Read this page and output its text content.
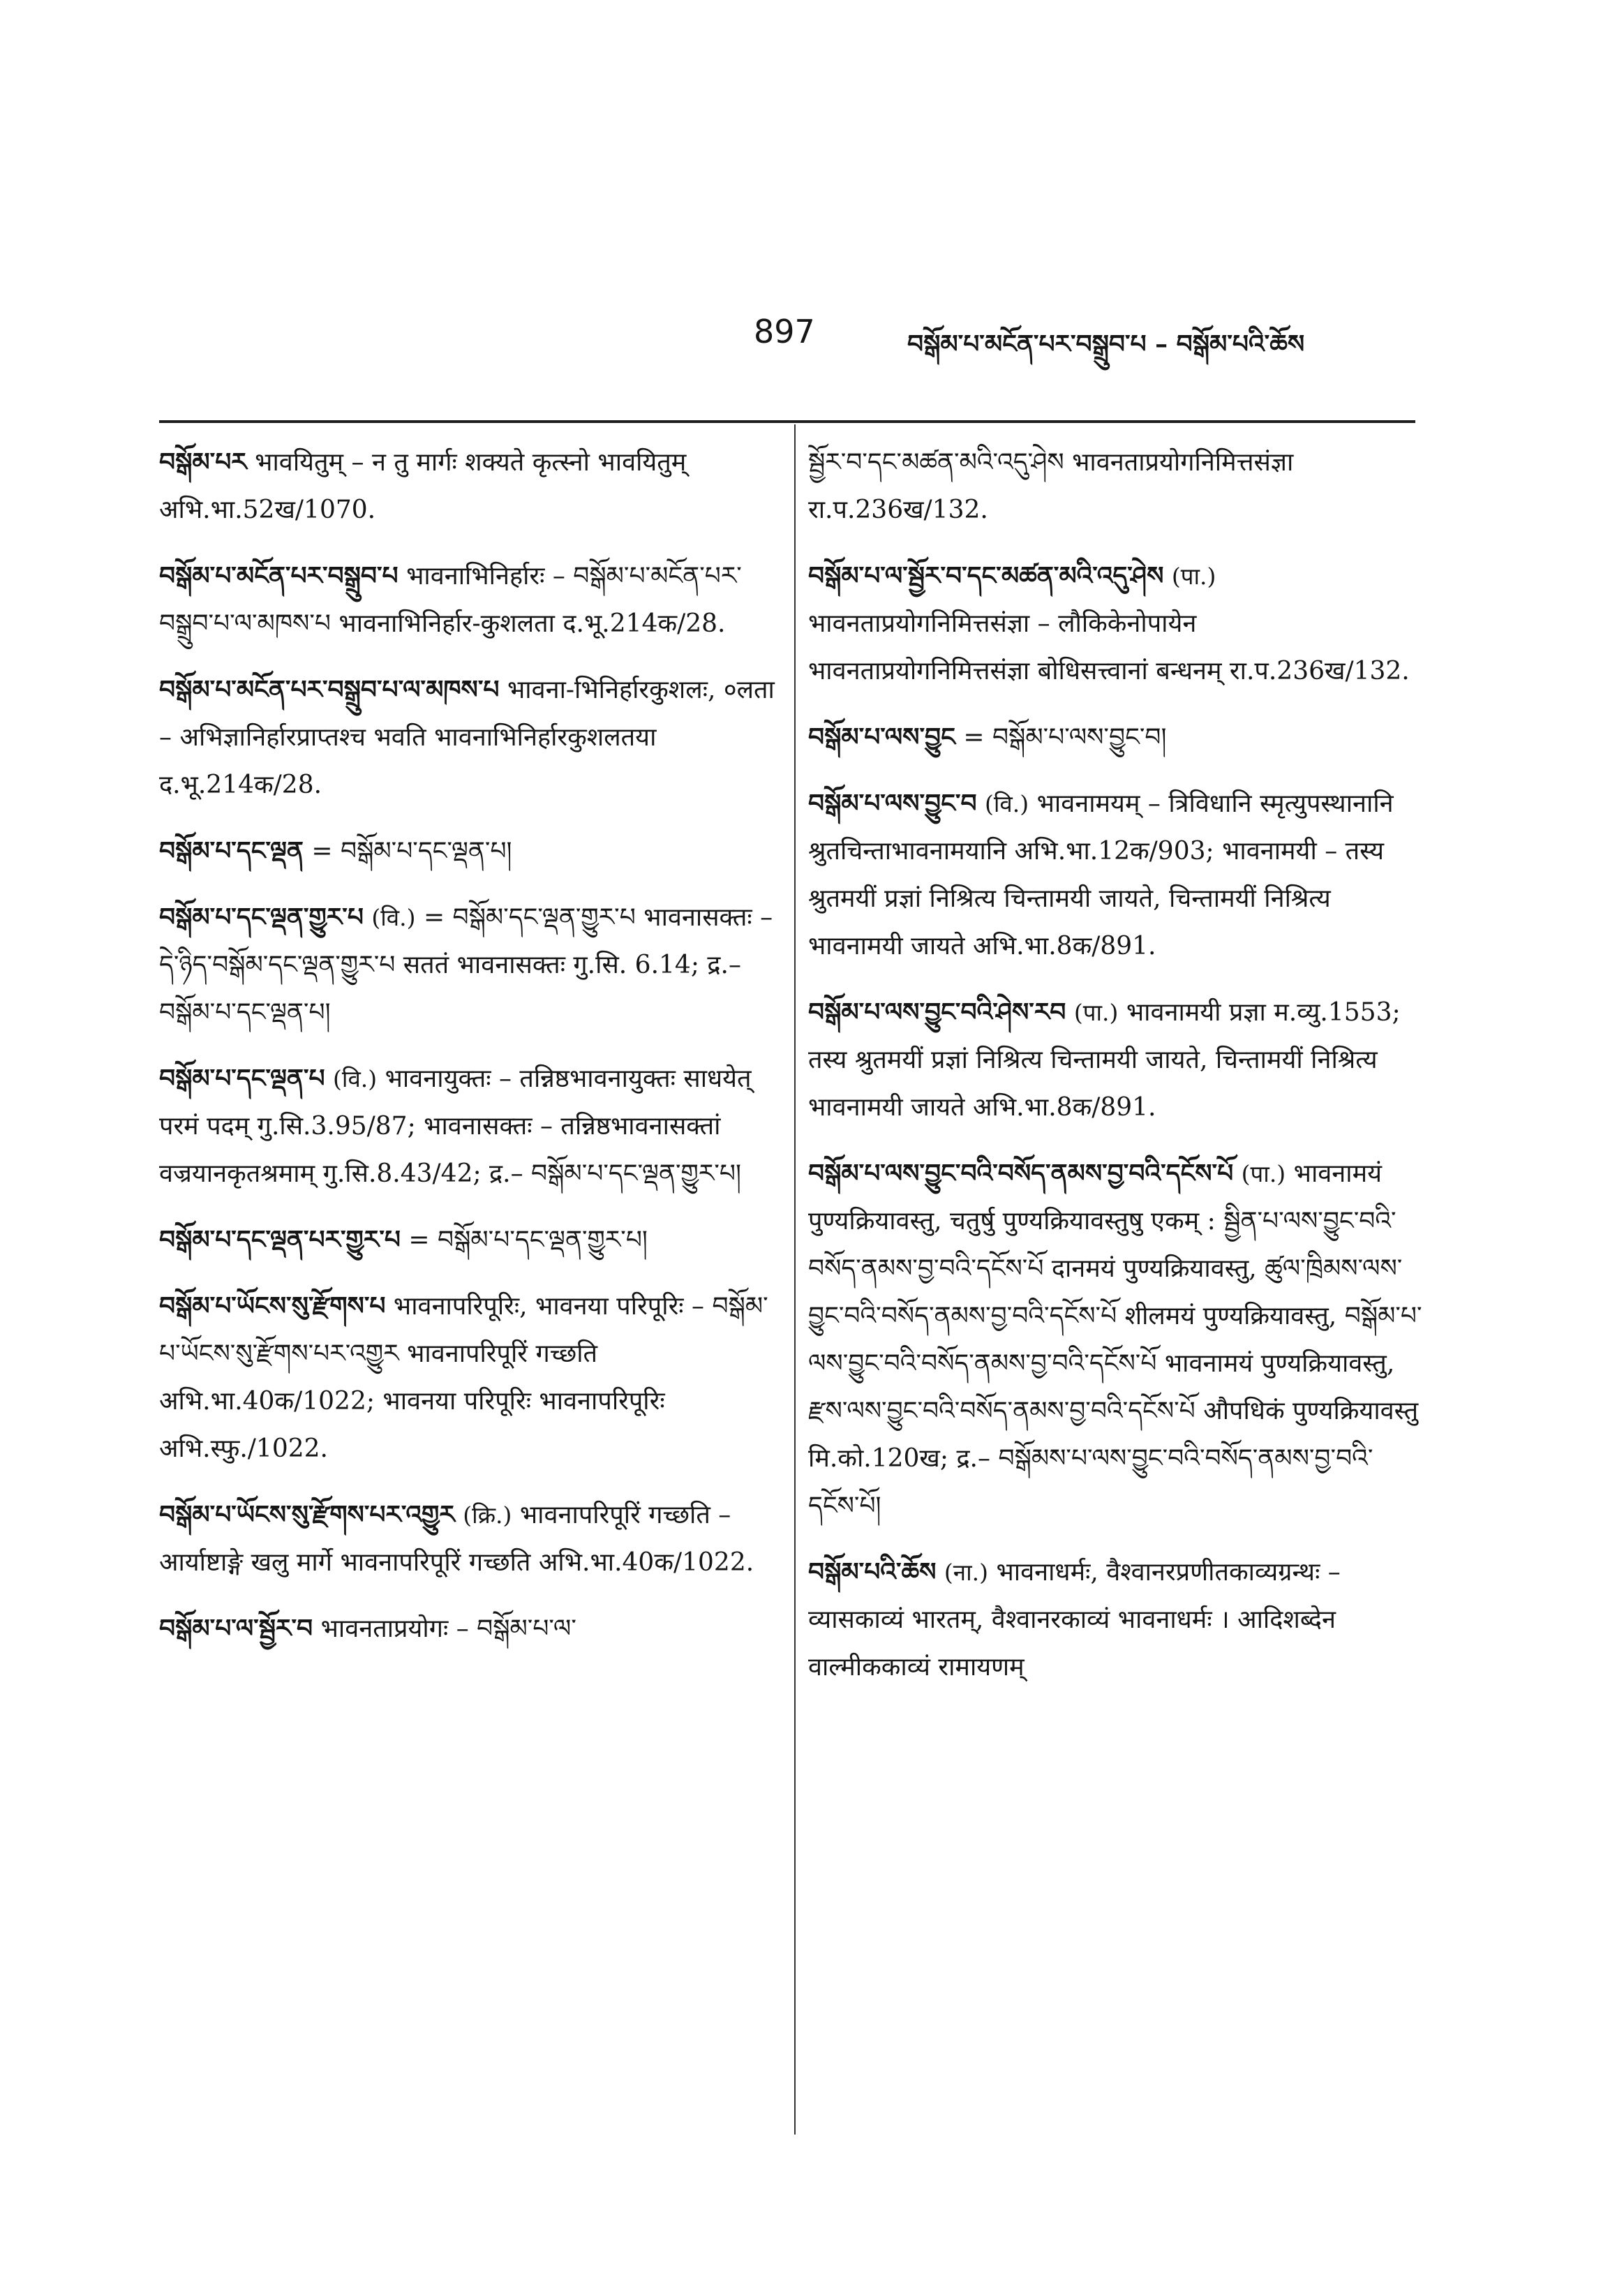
897	བསྒོམ་པ་མངོན་པར་བསྒྲུབ་པ – བསྒོམ་པའི་ཆོས
བསྒོམ་པར भावयितुम् – न तु मार्गः शक्यते कृत्स्नो भावयितुम् अभि.भा.52ख/1070.
བསྒོམ་པ་མངོན་པར་བསྒྲུབ་པ भावनाभिनिर्हारः – བསྒོམ་པ་མངོན་པར་བསྒྲུབ་པ་ལ་མཁས་པ भावनाभिनिर्हार-कुशलता द.भू.214क/28.
བསྒོམ་པ་མངོན་པར་བསྒྲུབ་པ་ལ་མཁས་པ भावना-भिनिर्हारकुशलः, ०लता – अभिज्ञानिर्हारप्राप्तश्च भवति भावनाभिनिर्हारकुशलतया द.भू.214क/28.
བསྒོམ་པ་དང་ལྡན = བསྒོམ་པ་དང་ལྡན་པ།
བསྒོམ་པ་དང་ལྡན་གྱུར་པ (वि.) = བསྒོམ་དང་ལྡན་གྱུར་པ भावनासक्तः – དེ་ཉིད་བསྒོམ་དང་ལྡན་གྱུར་པ सततं भावनासक्तः गु.सि. 6.14; द्र.– བསྒོམ་པ་དང་ལྡན་པ།
བསྒོམ་པ་དང་ལྡན་པ (वि.) भावनायुक्तः – तन्निष्ठभावनायुक्तः साधयेत् परमं पदम् गु.सि.3.95/87; भावनासक्तः – तन्निष्ठभावनासक्तां वज्रयानकृतश्रमाम् गु.सि.8.43/42; द्र.– བསྒོམ་པ་དང་ལྡན་གྱུར་པ།
བསྒོམ་པ་དང་ལྡན་པར་གྱུར་པ = བསྒོམ་པ་དང་ལྡན་གྱུར་པ།
བསྒོམ་པ་ཡོངས་སུ་རྫོགས་པ भावनापरिपूरिः, भावनया परिपूरिः – བསྒོམ་པ་ཡོངས་སུ་རྫོགས་པར་འགྱུར भावनापरिपूरिं गच्छति अभि.भा.40क/1022; भावनया परिपूरिः भावनापरिपूरिः अभि.स्फु./1022.
བསྒོམ་པ་ཡོངས་སུ་རྫོགས་པར་འགྱུར (क्रि.) भावनापरिपूरिं गच्छति – आर्याष्टाङ्गे खलु मार्गे भावनापरिपूरिं गच्छति अभि.भा.40क/1022.
བསྒོམ་པ་ལ་སྦྱོར་བ भावनताप्रयोगः – བསྒོམ་པ་ལ་
སྦྱོར་བ་དང་མཚན་མའི་འདུ་ཤེས भावनताप्रयोगनिमित्तसंज्ञा रा.प.236ख/132.
བསྒོམ་པ་ལ་སྦྱོར་བ་དང་མཚན་མའི་འདུ་ཤེས (पा.) भावनताप्रयोगनिमित्तसंज्ञा – लौकिकेनोपायेन भावनताप्रयोगनिमित्तसंज्ञा बोधिसत्त्वानां बन्धनम् रा.प.236ख/132.
བསྒོམ་པ་ལས་བྱུང = བསྒོམ་པ་ལས་བྱུང་བ།
བསྒོམ་པ་ལས་བྱུང་བ (वि.) भावनामयम् – त्रिविधानि स्मृत्युपस्थानानि श्रुतचिन्ताभावनामयानि अभि.भा.12क/903; भावनामयी – तस्य श्रुतमयीं प्रज्ञां निश्रित्य चिन्तामयी जायते, चिन्तामयीं निश्रित्य भावनामयी जायते अभि.भा.8क/891.
བསྒོམ་པ་ལས་བྱུང་བའི་ཤེས་རབ (पा.) भावनामयी प्रज्ञा म.व्यु.1553; तस्य श्रुतमयीं प्रज्ञां निश्रित्य चिन्तामयी जायते, चिन्तामयीं निश्रित्य भावनामयी जायते अभि.भा.8क/891.
བསྒོམ་པ་ལས་བྱུང་བའི་བསོད་ནམས་བྱ་བའི་དངོས་པོ (पा.) भावनामयं पुण्यक्रियावस्तु, चतुर्षु पुण्यक्रियावस्तुषु एकम् : སྦྱིན་པ་ལས་བྱུང་བའི་བསོད་ནམས་བྱ་བའི་དངོས་པོ दानमयं पुण्यक्रियावस्तु, ཚུལ་ཁྲིམས་ལས་བྱུང་བའི་བསོད་ནམས་བྱ་བའི་དངོས་པོ शीलमयं पुण्यक्रियावस्तु, བསྒོམ་པ་ལས་བྱུང་བའི་བསོད་ནམས་བྱ་བའི་དངོས་པོ भावनामयं पुण्यक्रियावस्तु, རྫས་ལས་བྱུང་བའི་བསོད་ནམས་བྱ་བའི་དངོས་པོ औपधिकं पुण्यक्रियावस्तु मि.को.120ख; द्र.– བསྒོམས་པ་ལས་བྱུང་བའི་བསོད་ནམས་བྱ་བའི་དངོས་པོ།
བསྒོམ་པའི་ཆོས (ना.) भावनाधर्मः, वैश्वानरप्रणीतकाव्यग्रन्थः – व्यासकाव्यं भारतम्, वैश्वानरकाव्यं भावनाधर्मः । आदिशब्देन वाल्मीककाव्यं रामायणम्
